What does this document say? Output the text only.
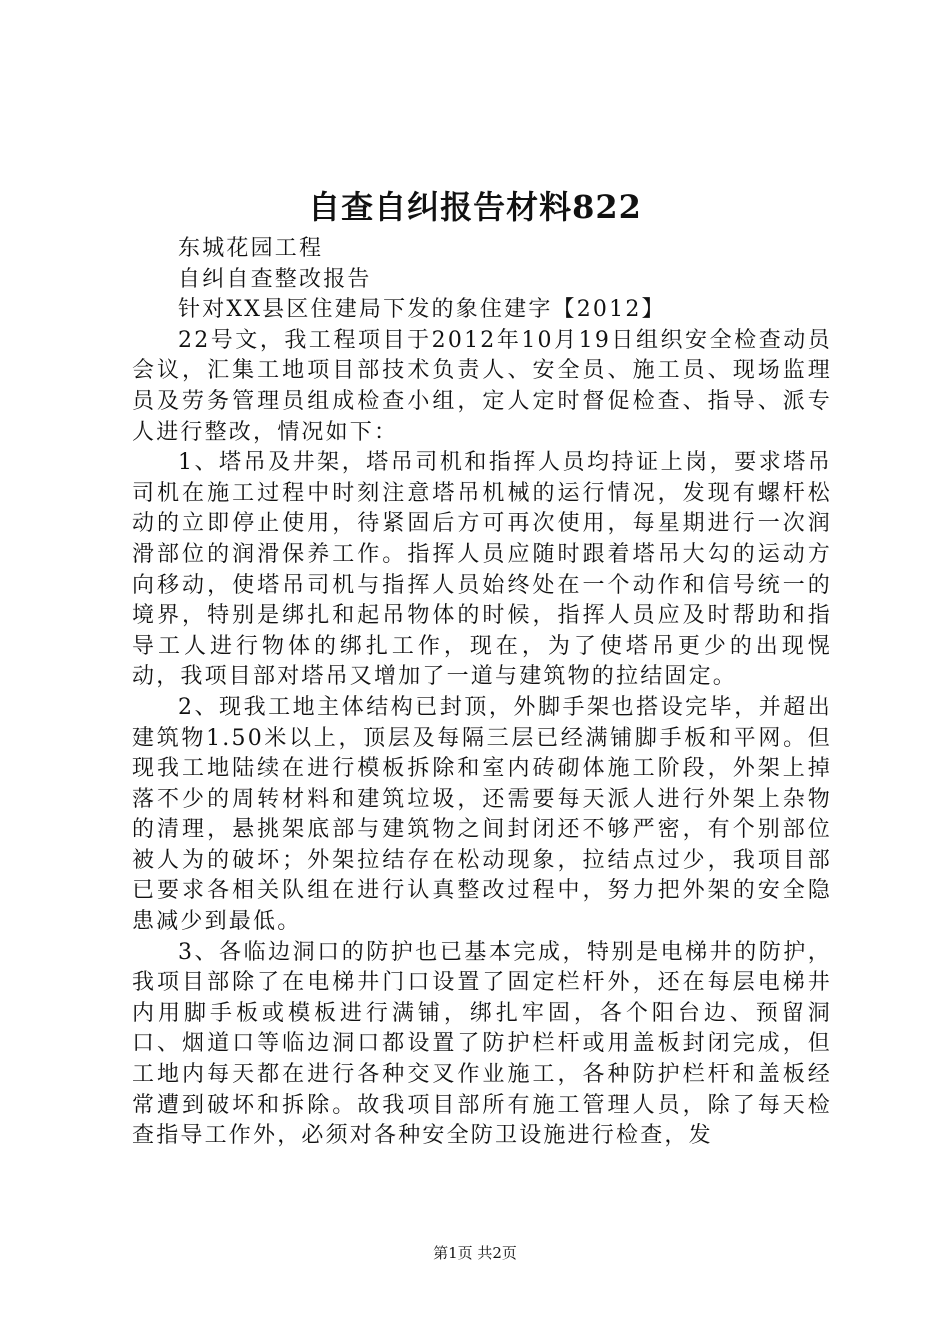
自查自纠报告材料822
东城花园工程
自纠自查整改报告
针对XX县区住建局下发的象住建字【2012】

22号文，我工程项目于2012年10月19日组织安全检查动员会议，汇集工地项目部技术负责人、安全员、施工员、现场监理员及劳务管理员组成检查小组，定人定时督促检查、指导、派专人进行整改，情况如下：

1、塔吊及井架，塔吊司机和指挥人员均持证上岗，要求塔吊司机在施工过程中时刻注意塔吊机械的运行情况，发现有螺杆松动的立即停止使用，待紧固后方可再次使用，每星期进行一次润滑部位的润滑保养工作。指挥人员应随时跟着塔吊大勾的运动方向移动，使塔吊司机与指挥人员始终处在一个动作和信号统一的境界，特别是绑扎和起吊物体的时候，指挥人员应及时帮助和指导工人进行物体的绑扎工作，现在，为了使塔吊更少的出现愰动，我项目部对塔吊又增加了一道与建筑物的拉结固定。

2、现我工地主体结构已封顶，外脚手架也搭设完毕，并超出建筑物1.50米以上，顶层及每隔三层已经满铺脚手板和平网。但现我工地陆续在进行模板拆除和室内砖砌体施工阶段，外架上掉落不少的周转材料和建筑垃圾，还需要每天派人进行外架上杂物的清理，悬挑架底部与建筑物之间封闭还不够严密，有个别部位被人为的破坏；外架拉结存在松动现象，拉结点过少，我项目部已要求各相关队组在进行认真整改过程中，努力把外架的安全隐患减少到最低。

3、各临边洞口的防护也已基本完成，特别是电梯井的防护，我项目部除了在电梯井门口设置了固定栏杆外，还在每层电梯井内用脚手板或模板进行满铺，绑扎牢固，各个阳台边、预留洞口、烟道口等临边洞口都设置了防护栏杆或用盖板封闭完成，但工地内每天都在进行各种交叉作业施工，各种防护栏杆和盖板经常遭到破坏和拆除。故我项目部所有施工管理人员，除了每天检查指导工作外，必须对各种安全防卫设施进行检查，发

第1页 共2页
